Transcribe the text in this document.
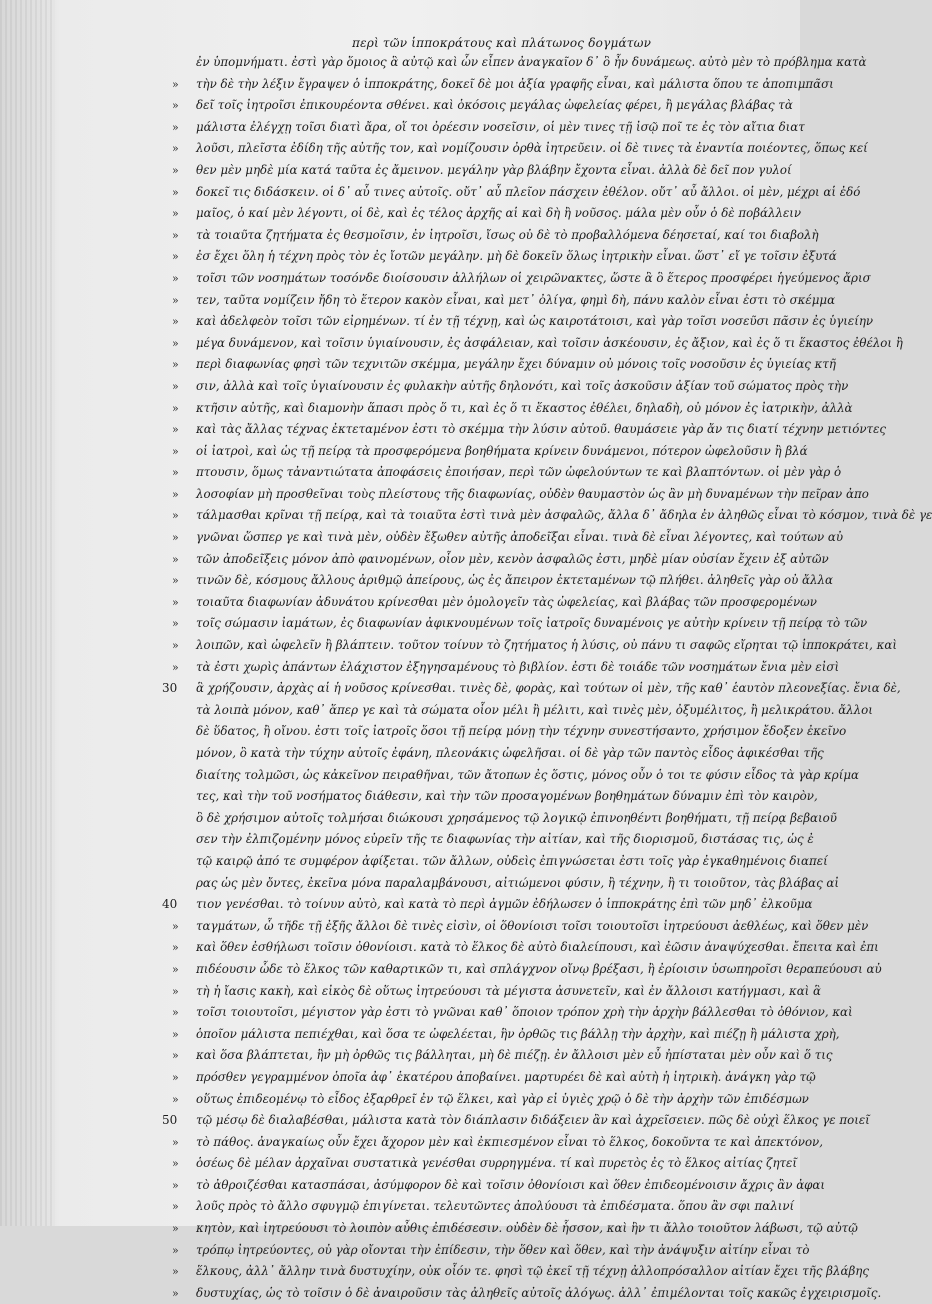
περὶ τῶν ἱπποκράτους καὶ πλάτωνος δογμάτων
ἐν ὑπομνήματι. ἐστὶ γὰρ ὅμοιος ἃ αὐτῷ καὶ ὧν εἶπεν ἀναγκαῖον δ᾽ ὃ ἦν δυνάμεως. αὐτὸ μὲν τὸ πρόβλημα κατὰ
» τὴν δὲ τὴν λέξιν ἔγραψεν ὁ ἱπποκράτης, δοκεῖ δὲ μοι ἀξία γραφῆς εἶναι, καὶ μάλιστα ὅπου τε ἀποπιμπᾶσι
» δεῖ τοῖς ἰητροῖσι ἐπικουρέοντα σθένει. καὶ ὁκόσοις μεγάλας ὠφελείας φέρει, ἢ μεγάλας βλάβας τὰ
» μάλιστα ἐλέγχῃ τοῖσι διατὶ ἄρα, οἵ τοι ὀρέεσιν νοσεῖσιν, οἱ μὲν τινες τῇ ἰσῷ ποῖ τε ἐς τὸν αἴτια διατ
» λοῦσι, πλεῖστα ἐδίδη τῆς αὐτῆς τον, καὶ νομίζουσιν ὀρθὰ ἰητρεῦειν. οἱ δὲ τινες τὰ ἐναντία ποιέοντες, ὅπως κεί
» θεν μὲν μηδὲ μία κατά ταῦτα ἐς ἄμεινον. μεγάλην γὰρ βλάβην ἔχοντα εἶναι. ἀλλὰ δὲ δεῖ πον γυλοί
» δοκεῖ τις διδάσκειν. οἱ δ᾽ αὖ τινες αὐτοῖς. οὔτ᾽ αὖ πλεῖον πάσχειν ἐθέλον. οὔτ᾽ αὖ ἄλλοι. οἱ μὲν, μέχρι αἱ ἐδό
» μαῖος, ὁ καί μὲν λέγοντι, οἱ δὲ, καὶ ἐς τέλος ἀρχῆς αἱ καὶ δὴ ἢ νοῦσος. μάλα μὲν οὖν ὁ δὲ ποβάλλειν
» τὰ τοιαῦτα ζητήματα ἐς θεσμοῖσιν, ἐν ἰητροῖσι, ἴσως οὐ δὲ τὸ προβαλλόμενα δέησεταί, καί τοι διαβολὴ
» ἐσ ἔχει ὅλη ἡ τέχνη πρὸς τὸν ἐς ἴοτῶν μεγάλην. μὴ δὲ δοκεῖν ὅλως ἰητρικὴν εἶναι. ὥστ᾽ εἴ γε τοῖσιν ἐξυτά
» τοῖσι τῶν νοσημάτων τοσόνδε διοίσουσιν ἀλλήλων οἱ χειρῶνακτες, ὥστε ἃ ὃ ἕτερος προσφέρει ἡγεύμενος ἄρισ
» τεν, ταῦτα νομίζειν ἤδη τὸ ἕτερον κακὸν εἶναι, καὶ μετ᾽ ὀλίγα, φημὶ δὴ, πάνυ καλὸν εἶναι ἐστι τὸ σκέμμα
» καὶ ἀδελφεὸν τοῖσι τῶν εἰρημένων. τί ἐν τῇ τέχνῃ, καὶ ὡς καιροτάτοισι, καὶ γὰρ τοῖσι νοσεῦσι πᾶσιν ἐς ὑγιείην
» μέγα δυνάμενον, καὶ τοῖσιν ὑγιαίνουσιν, ἐς ἀσφάλειαν, καὶ τοῖσιν ἀσκέουσιν, ἐς ἄξιον, καὶ ἐς ὅ τι ἕκαστος ἐθέλοι ἢ
» περὶ διαφωνίας φησὶ τῶν τεχνιτῶν σκέμμα, μεγάλην ἔχει δύναμιν οὐ μόνοις τοῖς νοσοῦσιν ἐς ὑγιείας κτῆ
» σιν, ἀλλὰ καὶ τοῖς ὑγιαίνουσιν ἐς φυλακὴν αὐτῆς δηλονότι, καὶ τοῖς ἀσκοῦσιν ἀξίαν τοῦ σώματος πρὸς τὴν
» κτῆσιν αὐτῆς, καὶ διαμονὴν ἅπασι πρὸς ὅ τι, καὶ ἐς ὅ τι ἕκαστος ἐθέλει, δηλαδὴ, οὐ μόνον ἐς ἰατρικὴν, ἀλλὰ
» καὶ τὰς ἄλλας τέχνας ἐκτεταμένον ἐστι τὸ σκέμμα τὴν λύσιν αὐτοῦ. θαυμάσειε γὰρ ἄν τις διατί τέχνην μετιόντες
» οἱ ἰατροὶ, καὶ ὡς τῇ πείρᾳ τὰ προσφερόμενα βοηθήματα κρίνειν δυνάμενοι, πότερον ὠφελοῦσιν ἢ βλά
» πτουσιν, ὅμως τἀναντιώτατα ἀποφάσεις ἐποιήσαν, περὶ τῶν ὠφελούντων τε καὶ βλαπτόντων. οἱ μὲν γὰρ ὁ
» λοσοφίαν μὴ προσθεῖναι τοὺς πλείστους τῆς διαφωνίας, οὐδὲν θαυμαστὸν ὡς ἂν μὴ δυναμένων τὴν πεῖραν ἀπο
» τάλμασθαι κρῖναι τῇ πείρᾳ, καὶ τὰ τοιαῦτα ἐστὶ τινὰ μὲν ἀσφαλῶς, ἄλλα δ᾽ ἄδηλα ἐν ἀληθῶς εἶναι τὸ κόσμον, τινὰ δὲ γε
» γνῶναι ὥσπερ γε καὶ τινὰ μὲν, οὐδὲν ἔξωθεν αὐτῆς ἀποδεῖξαι εἶναι. τινὰ δὲ εἶναι λέγοντες, καὶ τούτων αὐ
» τῶν ἀποδεῖξεις μόνον ἀπὸ φαινομένων, οἷον μὲν, κενὸν ἀσφαλῶς ἐστι, μηδὲ μίαν οὐσίαν ἔχειν ἐξ αὐτῶν
» τινῶν δὲ, κόσμους ἄλλους ἀριθμῷ ἀπείρους, ὡς ἐς ἄπειρον ἐκτεταμένων τῷ πλήθει. ἀληθεῖς γὰρ οὐ ἄλλα
» τοιαῦτα διαφωνίαν ἀδυνάτου κρίνεσθαι μὲν ὁμολογεῖν τὰς ὠφελείας, καὶ βλάβας τῶν προσφερομένων
» τοῖς σώμασιν ἰαμάτων, ἐς διαφωνίαν ἀφικνουμένων τοῖς ἰατροῖς δυναμένοις γε αὐτὴν κρίνειν τῇ πείρᾳ τὸ τῶν
» λοιπῶν, καὶ ὠφελεῖν ἢ βλάπτειν. τοῦτον τοίνυν τὸ ζητήματος ἡ λύσις, οὐ πάνυ τι σαφῶς εἴρηται τῷ ἱπποκράτει, καὶ
» τὰ ἐστι χωρὶς ἀπάντων ἐλάχιστον ἐξηγησαμένους τὸ βιβλίον. ἐστι δὲ τοιάδε τῶν νοσημάτων ἔνια μὲν εἰσὶ
30 ἃ χρήζουσιν, ἀρχὰς αἱ ἡ νοῦσος κρίνεσθαι. τινὲς δὲ, φορὰς, καὶ τούτων οἱ μὲν, τῆς καθ᾽ ἑαυτὸν πλεονεξίας. ἔνια δὲ,
τὰ λοιπὰ μόνον, καθ᾽ ἅπερ γε καὶ τὰ σώματα οἷον μέλι ἢ μέλιτι, καὶ τινὲς μὲν, ὀξυμέλιτος, ἢ μελικράτου. ἄλλοι
δὲ ὕδατος, ἢ οἴνου. ἐστι τοῖς ἰατροῖς ὅσοι τῇ πείρᾳ μόνῃ τὴν τέχνην συνεστήσαντο, χρήσιμον ἔδοξεν ἐκεῖνο
μόνον, ὃ κατὰ τὴν τύχην αὐτοῖς ἐφάνη, πλεονάκις ὠφελῆσαι. οἱ δὲ γὰρ τῶν παντὸς εἶδος ἀφικέσθαι τῆς
διαίτης τολμῶσι, ὡς κἀκεῖνον πειραθῆναι, τῶν ἄτοπων ἐς ὅστις, μόνος οὖν ὁ τοι τε φύσιν εἶδος τὰ γὰρ κρίμα
τες, καὶ τὴν τοῦ νοσήματος διάθεσιν, καὶ τὴν τῶν προσαγομένων βοηθημάτων δύναμιν ἐπὶ τὸν καιρὸν,
ὃ δὲ χρήσιμον αὐτοῖς τολμήσαι διώκουσι χρησάμενος τῷ λογικῷ ἐπινοηθέντι βοηθήματι, τῇ πείρᾳ βεβαιοῦ
σεν τὴν ἐλπιζομένην μόνος εὑρεῖν τῆς τε διαφωνίας τὴν αἰτίαν, καὶ τῆς διορισμοῦ, διστάσας τις, ὡς ἐ
τῷ καιρῷ ἀπό τε συμφέρον ἀφίξεται. τῶν ἄλλων, οὐδεὶς ἐπιγνώσεται ἐστι τοῖς γὰρ ἐγκαθημένοις διαπεί
ρας ὡς μὲν ὄντες, ἐκεῖνα μόνα παραλαμβάνουσι, αἰτιώμενοι φύσιν, ἢ τέχνην, ἢ τι τοιοῦτον, τὰς βλάβας αἰ
40 τιον γενέσθαι. τὸ τοίνυν αὐτὸ, καὶ κατὰ τὸ περὶ ἀγμῶν ἐδήλωσεν ὁ ἱπποκράτης ἐπὶ τῶν μηδ᾽ ἐλκοῦμα
» ταγμάτων, ὧ τῆδε τῇ ἐξῆς ἄλλοι δὲ τινὲς εἰσὶν, οἱ ὅθονίοισι τοῖσι τοιουτοῖσι ἰητρεύουσι ἀεθλέως, καὶ ὅθεν μὲν
» καὶ ὅθεν ἐσθήλωσι τοῖσιν ὀθονίοισι. κατὰ τὸ ἕλκος δὲ αὐτὸ διαλείπουσι, καὶ ἐῶσιν ἀναψύχεσθαι. ἔπειτα καὶ ἐπι
» πιδέουσιν ὧδε τὸ ἕλκος τῶν καθαρτικῶν τι, καὶ σπλάγχνον οἴνῳ βρέξασι, ἢ ἐρίοισιν ὑσωπηροῖσι θεραπεύουσι αὐ
» τὴ ἡ ἴασις κακὴ, καὶ εἰκὸς δὲ οὕτως ἰητρεύουσι τὰ μέγιστα ἀσυνετεῖν, καὶ ἐν ἄλλοισι κατήγμασι, καὶ ἃ
» τοῖσι τοιουτοῖσι, μέγιστον γὰρ ἐστι τὸ γνῶναι καθ᾽ ὅποιον τρόπον χρὴ τὴν ἀρχὴν βάλλεσθαι τὸ ὀθόνιον, καὶ
» ὁποῖον μάλιστα πεπιέχθαι, καὶ ὅσα τε ὠφελέεται, ἣν ὀρθῶς τις βάλλῃ τὴν ἀρχὴν, καὶ πιέζῃ ἢ μάλιστα χρὴ,
» καὶ ὅσα βλάπτεται, ἣν μὴ ὀρθῶς τις βάλληται, μὴ δὲ πιέζῃ. ἐν ἄλλοισι μὲν εὖ ἠπίσταται μὲν οὖν καὶ ὅ τις
» πρόσθεν γεγραμμένον ὁποῖα ἀφ᾽ ἑκατέρου ἀποβαίνει. μαρτυρέει δὲ καὶ αὐτὴ ἡ ἰητρικὴ. ἀνάγκη γὰρ τῷ
» οὕτως ἐπιδεομένῳ τὸ εἶδος ἐξαρθρεῖ ἐν τῷ ἕλκει, καὶ γὰρ εἰ ὑγιὲς χρῷ ὁ δὲ τὴν ἀρχὴν τῶν ἐπιδέσμων
50 τῷ μέσῳ δὲ διαλαβέσθαι, μάλιστα κατὰ τὸν διάπλασιν διδάξειεν ἂν καὶ ἀχρεῖσειεν. πῶς δὲ οὐχὶ ἕλκος γε ποιεῖ
» τὸ πάθος. ἀναγκαίως οὖν ἔχει ἄχορον μὲν καὶ ἐκπιεσμένον εἶναι τὸ ἕλκος, δοκοῦντα τε καὶ ἀπεκτόνον,
» ὁσέως δὲ μέλαν ἀρχαῖναι συστατικὰ γενέσθαι συρρηγμένα. τί καὶ πυρετὸς ἐς τὸ ἕλκος αἰτίας ζητεῖ
» τὸ ἀθροιζέσθαι κατασπάσαι, ἀσύμφορον δὲ καὶ τοῖσιν ὀθονίοισι καὶ ὅθεν ἐπιδεομένοισιν ἄχρις ἂν ἀφαι
» λοῦς πρὸς τὸ ἄλλο σφυγμῷ ἐπιγίνεται. τελευτῶντες ἀπολύουσι τὰ ἐπιδέσματα. ὅπου ἂν σφι παλινί
» κητὸν, καὶ ἰητρεύουσι τὸ λοιπὸν αὖθις ἐπιδέσεσιν. οὐδὲν δὲ ἧσσον, καὶ ἣν τι ἄλλο τοιοῦτον λάβωσι, τῷ αὐτῷ
» τρόπῳ ἰητρεύοντες, οὐ γὰρ οἴονται τὴν ἐπίδεσιν, τὴν ὅθεν καὶ ὅθεν, καὶ τὴν ἀνάψυξιν αἰτίην εἶναι τὸ
» ἕλκους, ἀλλ᾽ ἄλλην τινὰ δυστυχίην, οὐκ οἶόν τε. φησὶ τῷ ἐκεῖ τῇ τέχνῃ ἀλλοπρόσαλλον αἰτίαν ἔχει τῆς βλάβης
» δυστυχίας, ὡς τὸ τοῖσιν ὁ δὲ ἀναιροῦσιν τὰς ἀληθεῖς αὐτοῖς ἀλόγως. ἀλλ᾽ ἐπιμέλονται τοῖς κακῶς ἐγχειρισμοῖς.
